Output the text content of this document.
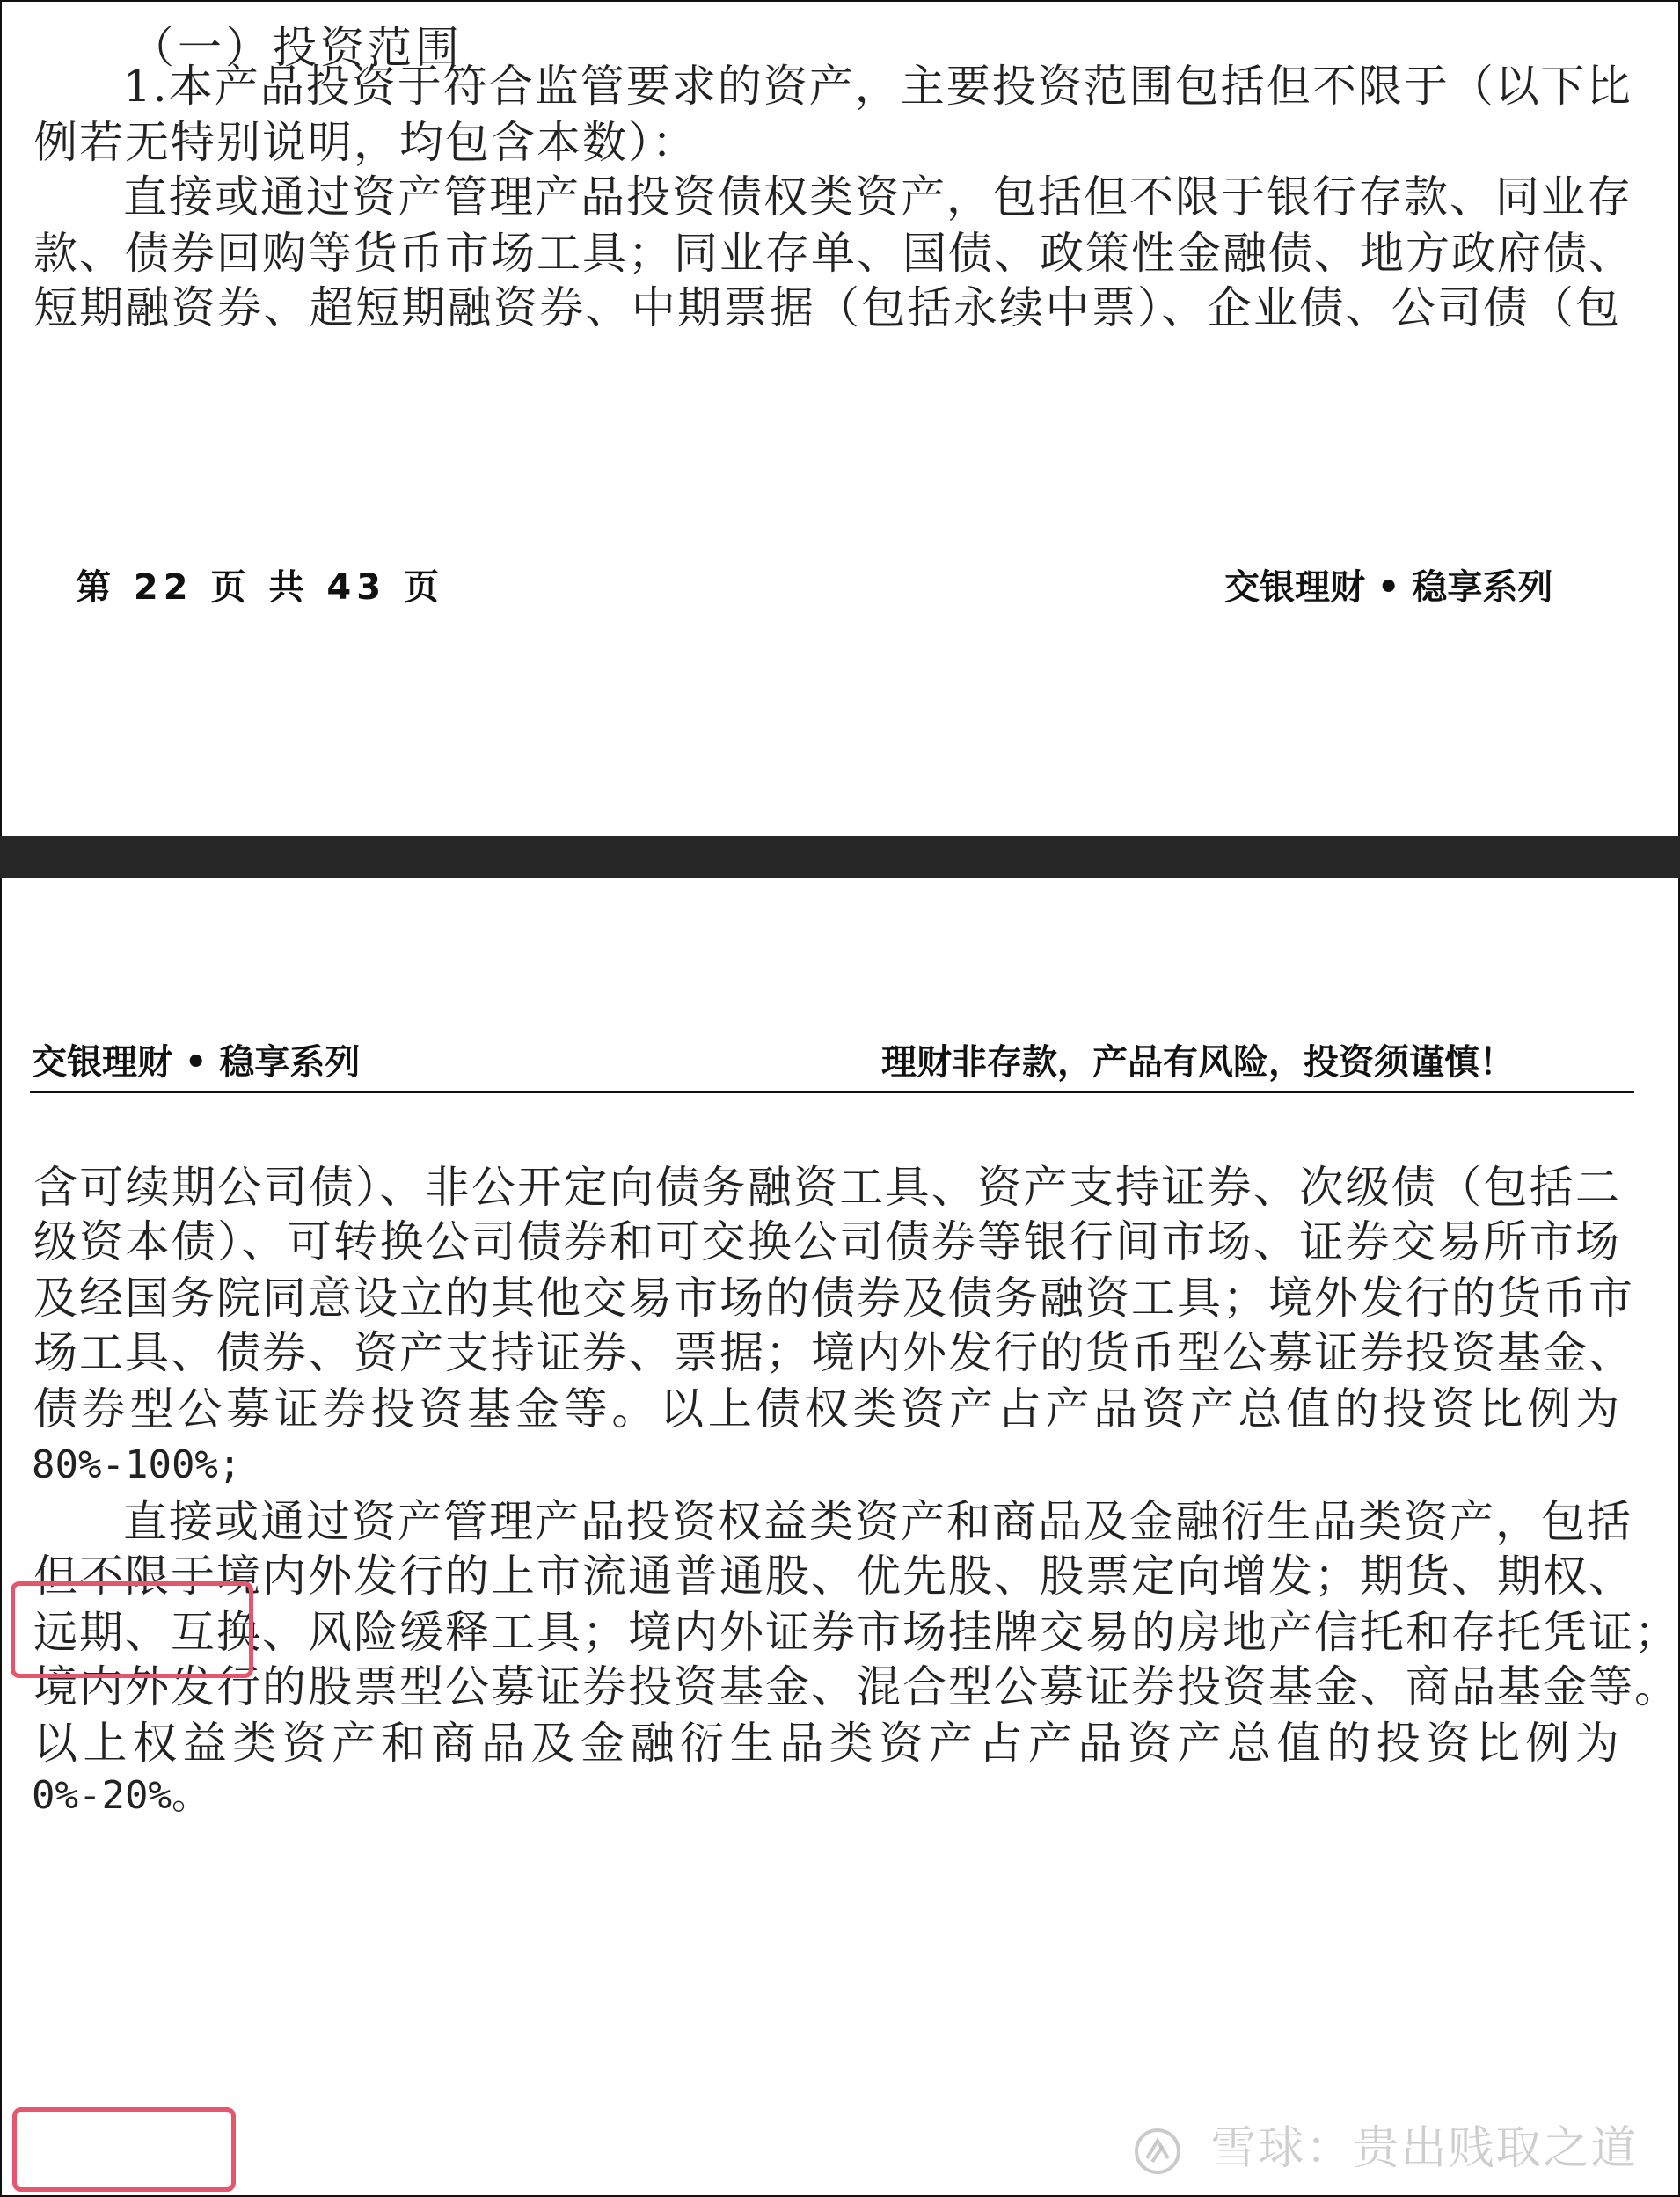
（一）投资范围
1.本产品投资于符合监管要求的资产，主要投资范围包括但不限于（以下比
例若无特别说明，均包含本数）：
直接或通过资产管理产品投资债权类资产，包括但不限于银行存款、同业存
款、债券回购等货币市场工具；同业存单、国债、政策性金融债、地方政府债、
短期融资券、超短期融资券、中期票据（包括永续中票）、企业债、公司债（包
第 22 页 共 43 页	交银理财 • 稳享系列
交银理财 • 稳享系列	理财非存款，产品有风险，投资须谨慎！
含可续期公司债）、非公开定向债务融资工具、资产支持证券、次级债（包括二
级资本债）、可转换公司债券和可交换公司债券等银行间市场、证券交易所市场
及经国务院同意设立的其他交易市场的债券及债务融资工具；境外发行的货币市
场工具、债券、资产支持证券、票据；境内外发行的货币型公募证券投资基金、
债券型公募证券投资基金等。以上债权类资产占产品资产总值的投资比例为
80%-100%;
直接或通过资产管理产品投资权益类资产和商品及金融衍生品类资产，包括
但不限于境内外发行的上市流通普通股、优先股、股票定向增发；期货、期权、
远期、互换、风险缓释工具；境内外证券市场挂牌交易的房地产信托和存托凭证；
境内外发行的股票型公募证券投资基金、混合型公募证券投资基金、商品基金等。
以上权益类资产和商品及金融衍生品类资产占产品资产总值的投资比例为
0%-20%。
雪球：贵出贱取之道
